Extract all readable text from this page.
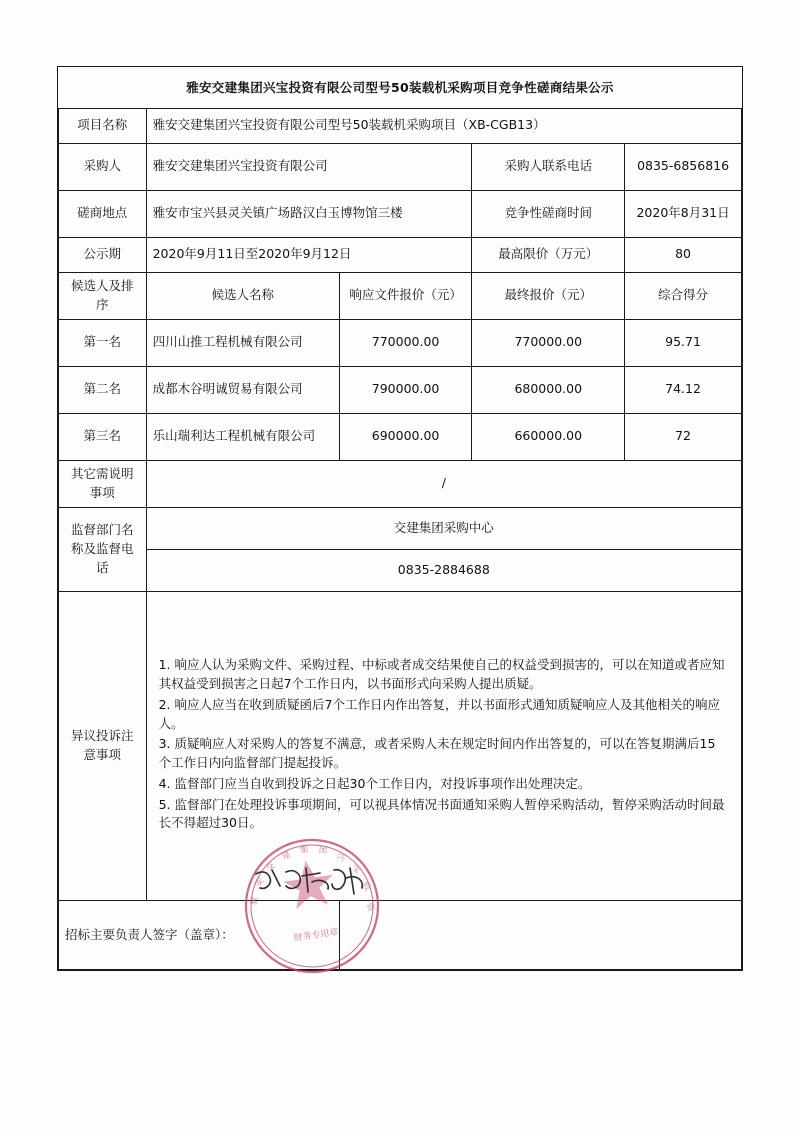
雅安交建集团兴宝投资有限公司型号50装载机采购项目竞争性磋商结果公示				
项目名称	雅安交建集团兴宝投资有限公司型号50装载机采购项目（XB-CGB13）			
采购人	雅安交建集团兴宝投资有限公司		采购人联系电话	0835-6856816
磋商地点	雅安市宝兴县灵关镇广场路汉白玉博物馆三楼		竞争性磋商时间	2020年8月31日
公示期	2020年9月11日至2020年9月12日		最高限价（万元）	80
候选人及排序	候选人名称	响应文件报价（元）	最终报价（元）	综合得分
第一名	四川山推工程机械有限公司	770000.00	770000.00	95.71
第二名	成都木谷明诚贸易有限公司	790000.00	680000.00	74.12
第三名	乐山瑞利达工程机械有限公司	690000.00	660000.00	72
其它需说明事项	/			
监督部门名称及监督电话	交建集团采购中心			
	0835-2884688			
异议投诉注意事项	1. 响应人认为采购文件、采购过程、中标或者成交结果使自己的权益受到损害的，可以在知道或者应知其权益受到损害之日起7个工作日内，以书面形式向采购人提出质疑。

2. 响应人应当在收到质疑函后7个工作日内作出答复，并以书面形式通知质疑响应人及其他相关的响应人。

3. 质疑响应人对采购人的答复不满意，或者采购人未在规定时间内作出答复的，可以在答复期满后15个工作日内向监督部门提起投诉。

4. 监督部门应当自收到投诉之日起30个工作日内，对投诉事项作出处理决定。

5. 监督部门在处理投诉事项期间，可以视具体情况书面通知采购人暂停采购活动，暂停采购活动时间最长不得超过30日。			

招标主要负责人签字（盖章）：					财务专用章
雅
安
交
建 集 团
兴
宝
投
资
